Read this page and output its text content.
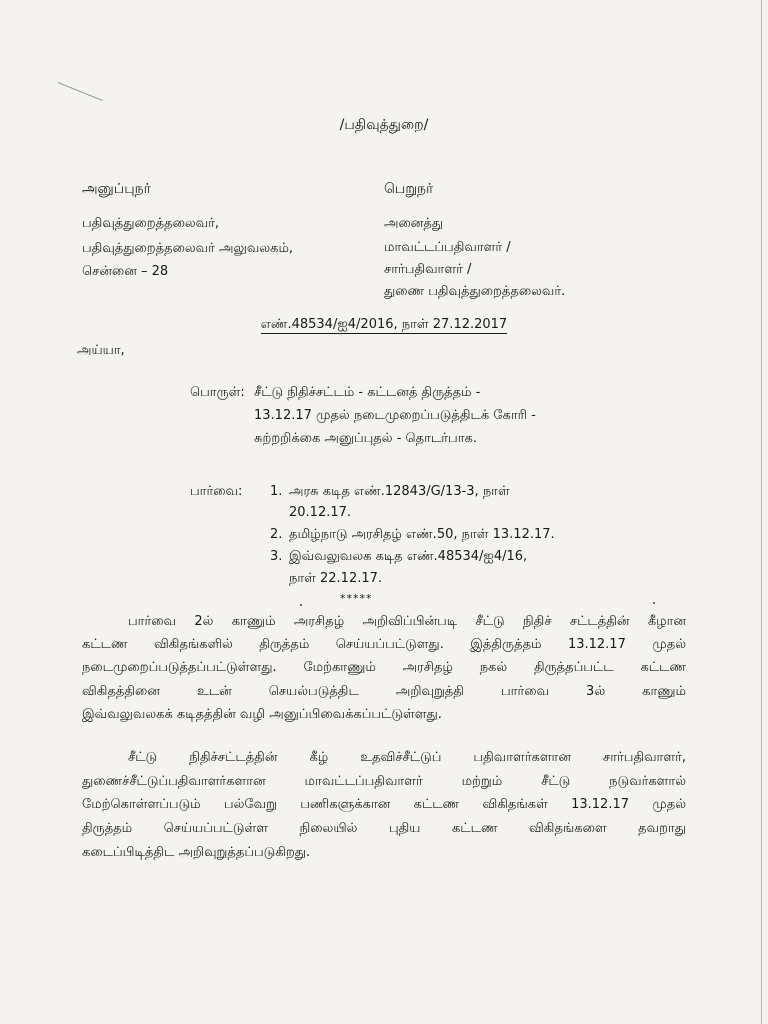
/பதிவுத்துறை/
அனுப்புநர்
பதிவுத்துறைத்தலைவர்,
பதிவுத்துறைத்தலைவர் அலுவலகம்,
சென்னை – 28
பெறுநர்
அனைத்து
மாவட்டப்பதிவாளர் /
சார்பதிவாளர் /
துணை பதிவுத்துறைத்தலைவர்.
எண்.48534/ஐ4/2016, நாள் 27.12.2017
அய்யா,
பொருள்: சீட்டு நிதிச்சட்டம் - கட்டனத் திருத்தம் -
13.12.17 முதல் நடைமுறைப்படுத்திடக் கோரி -
சுற்றறிக்கை அனுப்புதல் - தொடர்பாக.
பார்வை: 1. அரசு கடித எண்.12843/G/13-3, நாள்
20.12.17.
2. தமிழ்நாடு அரசிதழ் எண்.50, நாள் 13.12.17.
3. இவ்வலுவலக கடித எண்.48534/ஐ4/16,
நாள் 22.12.17.
*****
பார்வை 2ல் காணும் அரசிதழ் அறிவிப்பின்படி சீட்டு நிதிச் சட்டத்தின் கீழான
கட்டண விகிதங்களில் திருத்தம் செய்யப்பட்டுளது. இத்திருத்தம் 13.12.17 முதல்
நடைமுறைப்படுத்தப்பட்டுள்ளது. மேற்காணும் அரசிதழ் நகல் திருத்தப்பட்ட கட்டண
விகிதத்தினை உடன் செயல்படுத்திட அறிவுறுத்தி பார்வை 3ல் காணும்
இவ்வலுவலகக் கடிதத்தின் வழி அனுப்பிவைக்கப்பட்டுள்ளது.
சீட்டு நிதிச்சட்டத்தின் கீழ் உதவிச்சீட்டுப் பதிவாளர்களான சார்பதிவாளர்,
துணைச்சீட்டுப்பதிவாளர்களான மாவட்டப்பதிவாளர் மற்றும் சீட்டு நடுவர்களால்
மேற்கொள்ளப்படும் பல்வேறு பணிகளுக்கான கட்டண விகிதங்கள் 13.12.17 முதல்
திருத்தம் செய்யப்பட்டுள்ள நிலையில் புதிய கட்டண விகிதங்களை தவறாது
கடைப்பிடித்திட அறிவுறுத்தப்படுகிறது.
